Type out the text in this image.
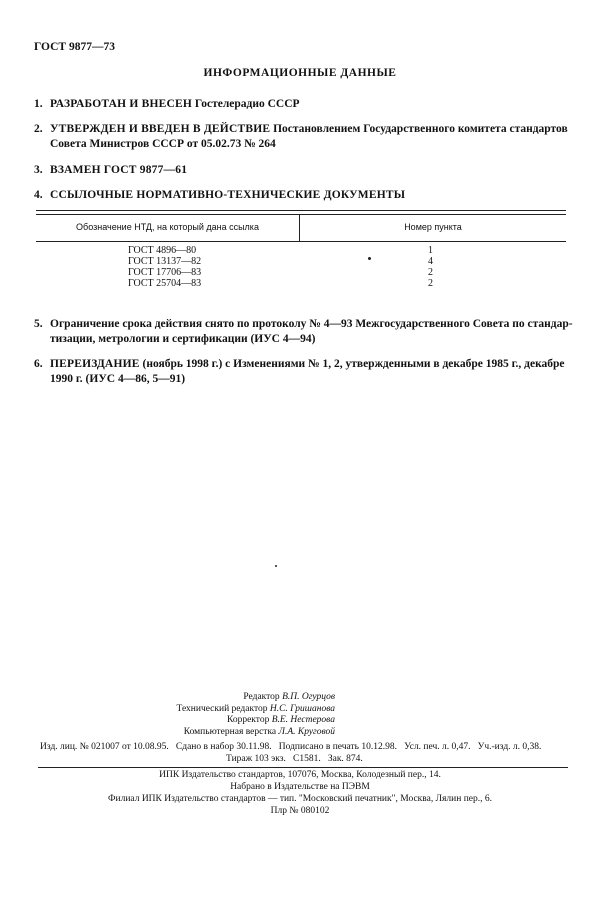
ГОСТ 9877—73
ИНФОРМАЦИОННЫЕ ДАННЫЕ
1. РАЗРАБОТАН И ВНЕСЕН Гостелерадио СССР
2. УТВЕРЖДЕН И ВВЕДЕН В ДЕЙСТВИЕ Постановлением Государственного комитета стандартов
Совета Министров СССР от 05.02.73 № 264
3. ВЗАМЕН ГОСТ 9877—61
4. ССЫЛОЧНЫЕ НОРМАТИВНО-ТЕХНИЧЕСКИЕ ДОКУМЕНТЫ
Обозначение НТД, на который дана ссылка	Номер пункта
ГОСТ 4896—80	1
ГОСТ 13137—82	4
ГОСТ 17706—83	2
ГОСТ 25704—83	2
5. Ограничение срока действия снято по протоколу № 4—93 Межгосударственного Совета по стандар-
тизации, метрологии и сертификации (ИУС 4—94)
6. ПЕРЕИЗДАНИЕ (ноябрь 1998 г.) с Изменениями № 1, 2, утвержденными в декабре 1985 г., декабре
1990 г. (ИУС 4—86, 5—91)
Редактор В.П. Огурцов
Технический редактор Н.С. Гришанова
Корректор В.Е. Нестерова
Компьютерная верстка Л.А. Круговой
Изд. лиц. № 021007 от 10.08.95.   Сдано в набор 30.11.98.   Подписано в печать 10.12.98.   Усл. печ. л. 0,47.   Уч.-изд. л. 0,38.
Тираж 103 экз.   С1581.   Зак. 874.
ИПК Издательство стандартов, 107076, Москва, Колодезный пер., 14.
Набрано в Издательстве на ПЭВМ
Филиал ИПК Издательство стандартов — тип. "Московский печатник", Москва, Лялин пер., 6.
Плр № 080102
